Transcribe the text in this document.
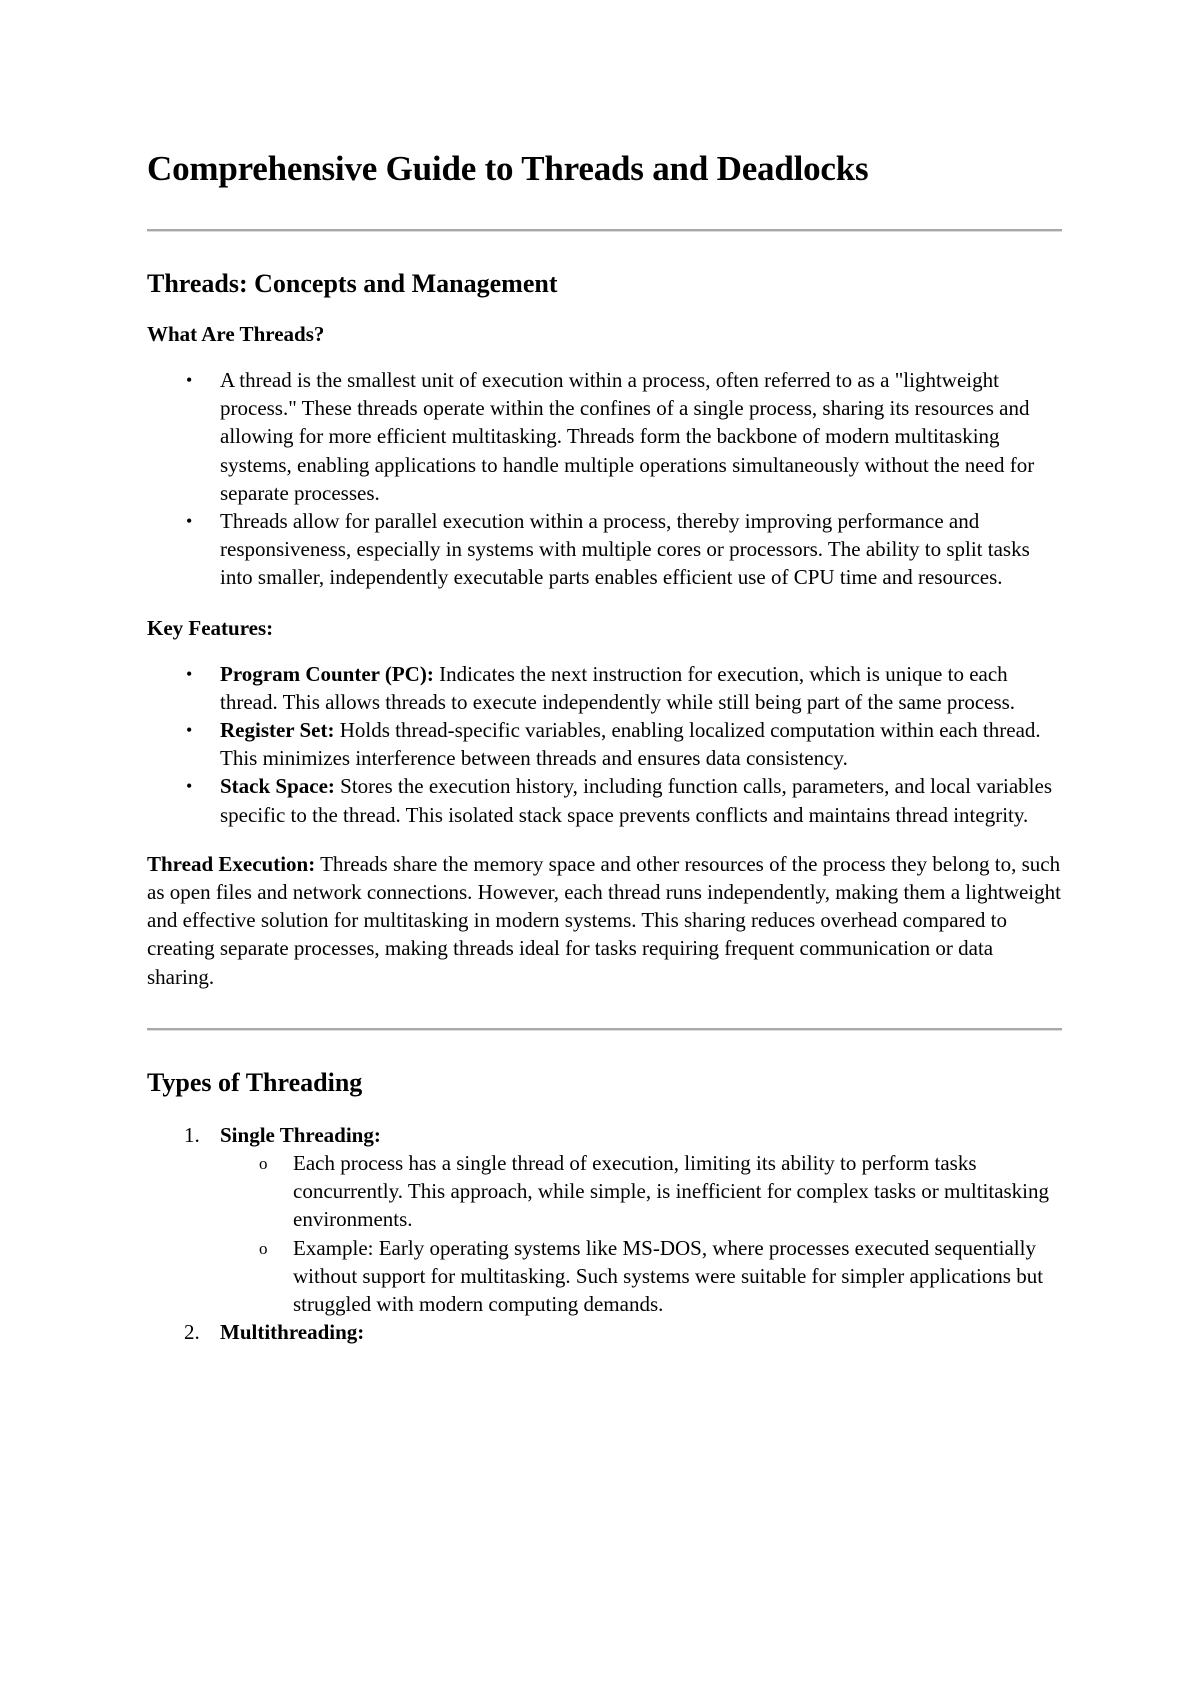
Comprehensive Guide to Threads and Deadlocks
Threads: Concepts and Management
What Are Threads?
• A thread is the smallest unit of execution within a process, often referred to as a "lightweight process." These threads operate within the confines of a single process, sharing its resources and allowing for more efficient multitasking. Threads form the backbone of modern multitasking systems, enabling applications to handle multiple operations simultaneously without the need for separate processes.
• Threads allow for parallel execution within a process, thereby improving performance and responsiveness, especially in systems with multiple cores or processors. The ability to split tasks into smaller, independently executable parts enables efficient use of CPU time and resources.
Key Features:
• Program Counter (PC): Indicates the next instruction for execution, which is unique to each thread. This allows threads to execute independently while still being part of the same process.
• Register Set: Holds thread-specific variables, enabling localized computation within each thread. This minimizes interference between threads and ensures data consistency.
• Stack Space: Stores the execution history, including function calls, parameters, and local variables specific to the thread. This isolated stack space prevents conflicts and maintains thread integrity.

Thread Execution: Threads share the memory space and other resources of the process they belong to, such as open files and network connections. However, each thread runs independently, making them a lightweight and effective solution for multitasking in modern systems. This sharing reduces overhead compared to creating separate processes, making threads ideal for tasks requiring frequent communication or data sharing.

Types of Threading
1. Single Threading:
o Each process has a single thread of execution, limiting its ability to perform tasks concurrently. This approach, while simple, is inefficient for complex tasks or multitasking environments.
o Example: Early operating systems like MS-DOS, where processes executed sequentially without support for multitasking. Such systems were suitable for simpler applications but struggled with modern computing demands.
2. Multithreading:
